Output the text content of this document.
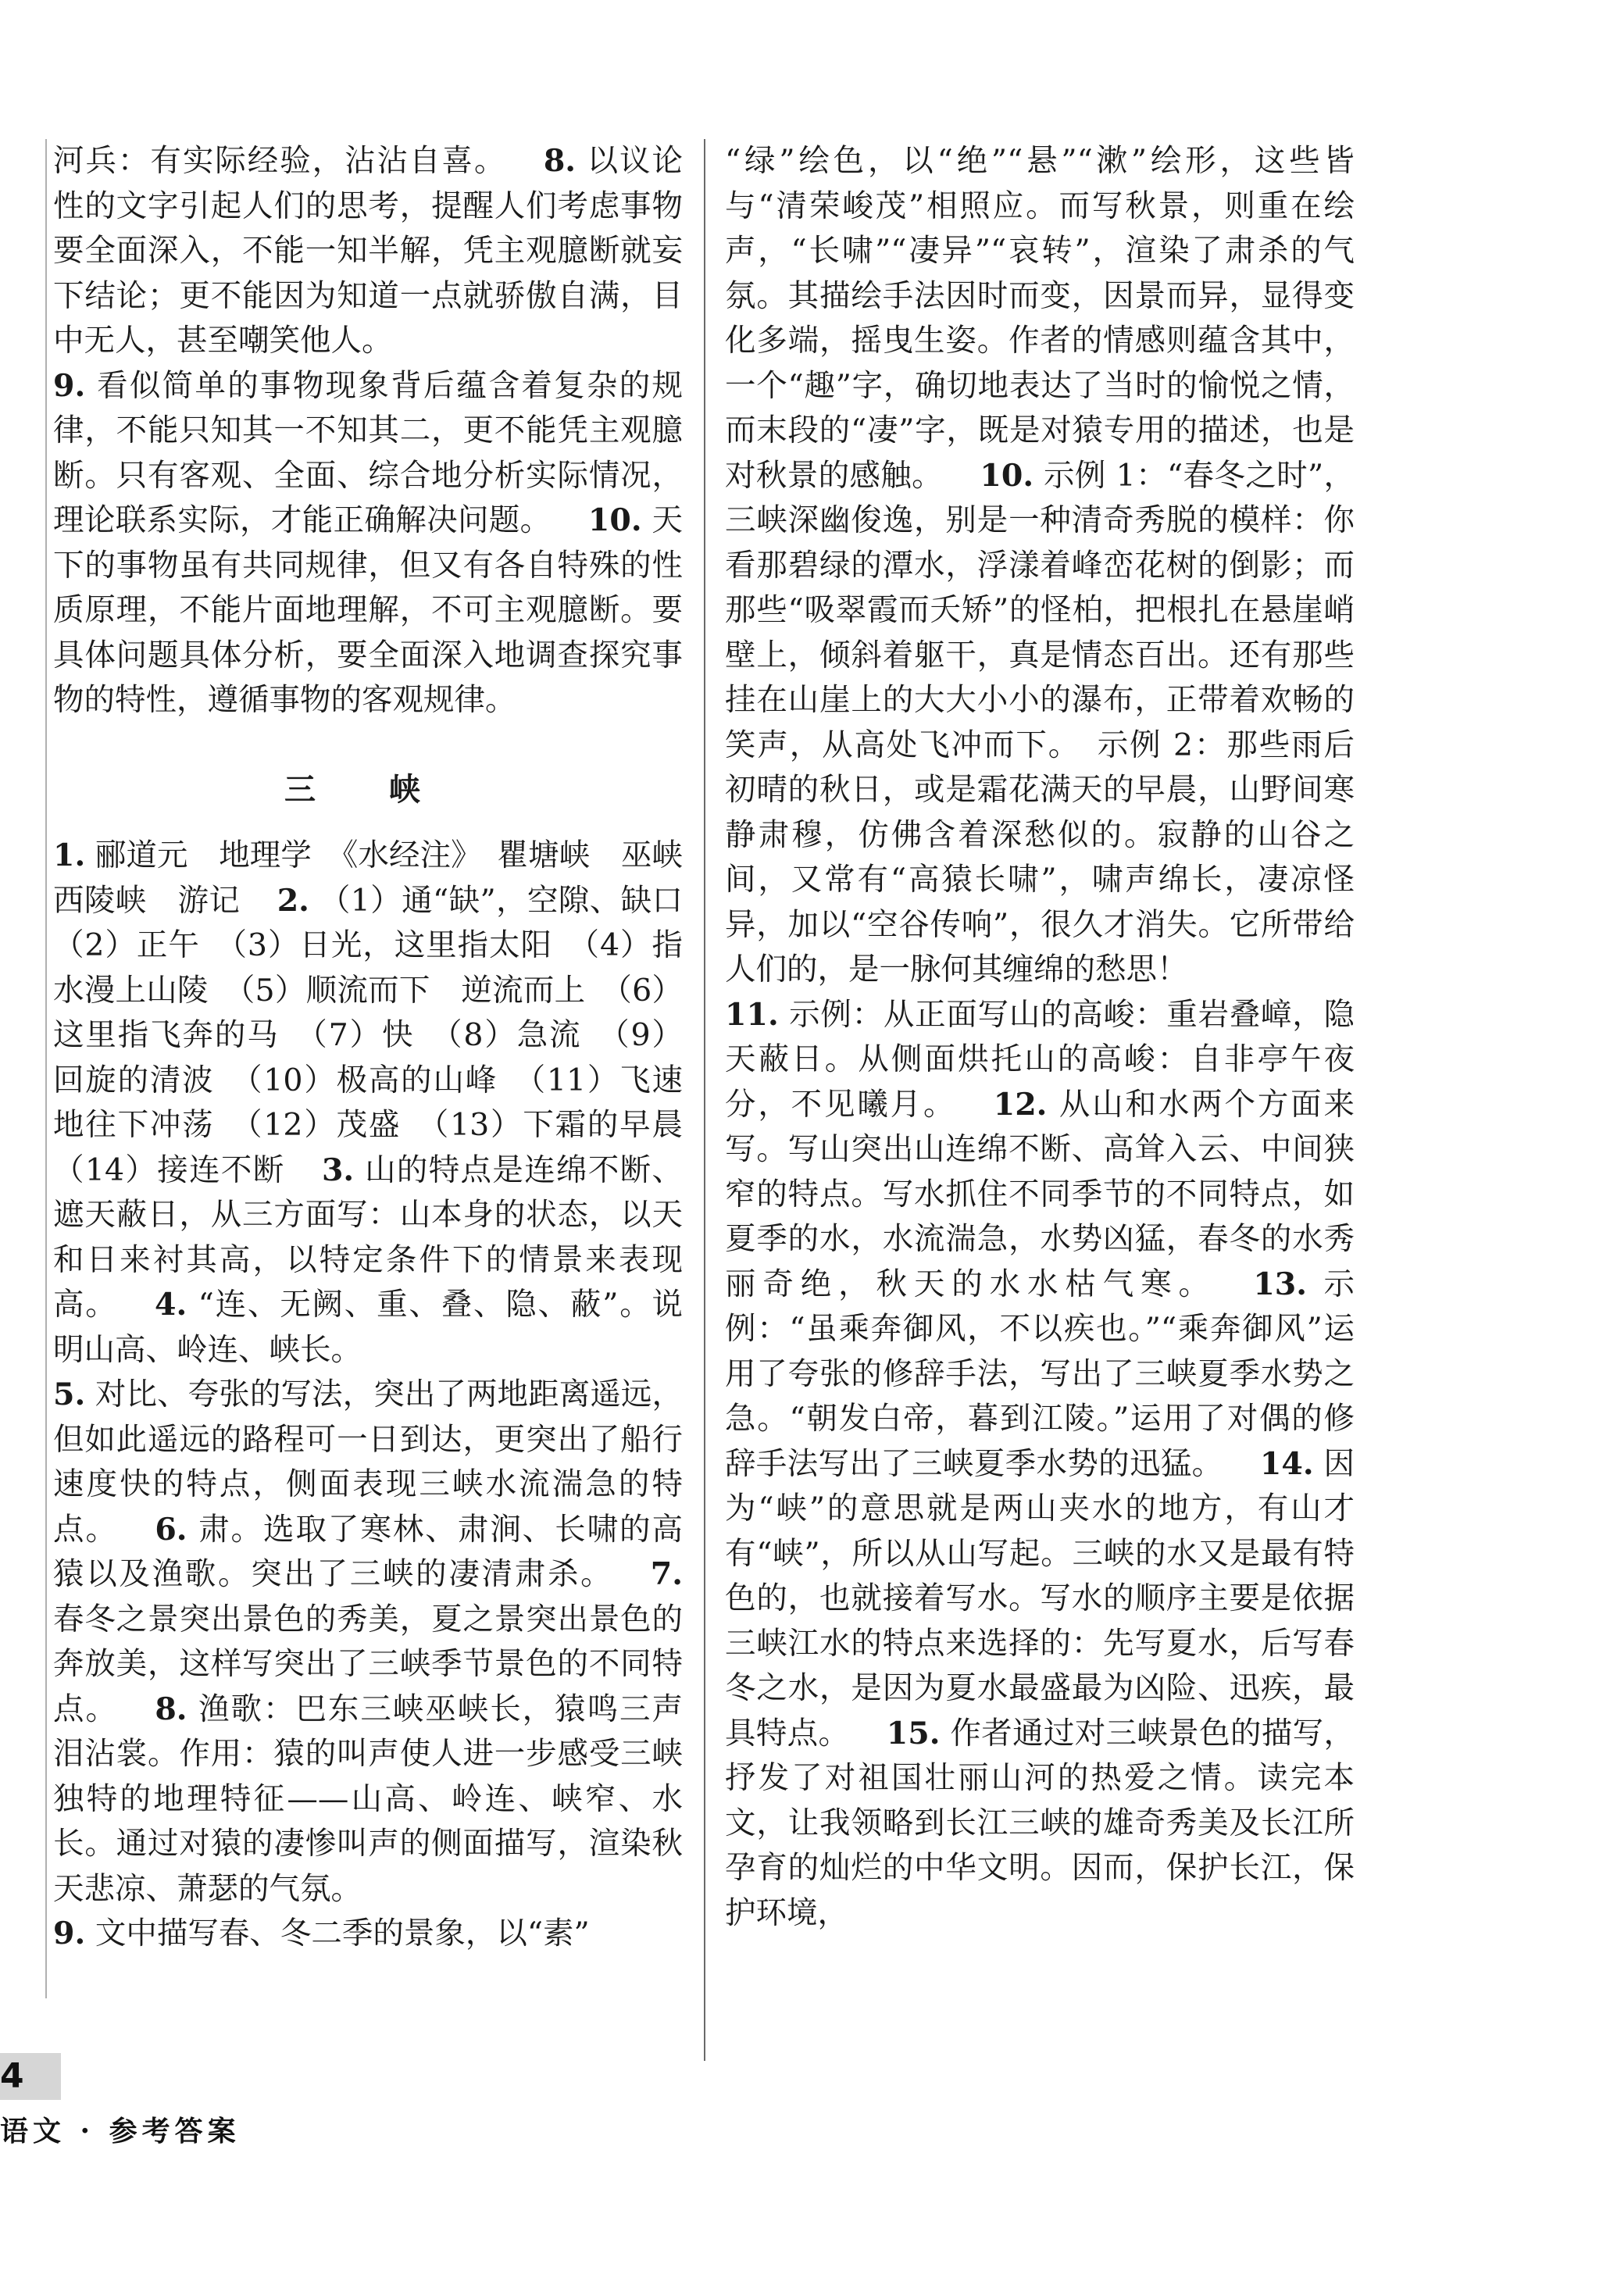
河兵：有实际经验，沾沾自喜。 8. 以议论性的文字引起人们的思考，提醒人们考虑事物要全面深入，不能一知半解，凭主观臆断就妄下结论；更不能因为知道一点就骄傲自满，目中无人，甚至嘲笑他人。

9. 看似简单的事物现象背后蕴含着复杂的规律，不能只知其一不知其二，更不能凭主观臆断。只有客观、全面、综合地分析实际情况，理论联系实际，才能正确解决问题。 10. 天下的事物虽有共同规律，但又有各自特殊的性质原理，不能片面地理解，不可主观臆断。要具体问题具体分析，要全面深入地调查探究事物的特性，遵循事物的客观规律。

三 峡

1. 郦道元　地理学　《水经注》　瞿塘峡　巫峡　西陵峡　游记 2. （1）通“缺”，空隙、缺口　（2）正午　（3）日光，这里指太阳　（4）指水漫上山陵　（5）顺流而下　逆流而上　（6）这里指飞奔的马　（7）快　（8）急流　（9）回旋的清波　（10）极高的山峰　（11）飞速地往下冲荡　（12）茂盛　（13）下霜的早晨　（14）接连不断 3. 山的特点是连绵不断、遮天蔽日，从三方面写：山本身的状态，以天和日来衬其高，以特定条件下的情景来表现高。 4. “连、无阙、重、叠、隐、蔽”。说明山高、岭连、峡长。

5. 对比、夸张的写法，突出了两地距离遥远，但如此遥远的路程可一日到达，更突出了船行速度快的特点，侧面表现三峡水流湍急的特点。 6. 肃。选取了寒林、肃涧、长啸的高猿以及渔歌。突出了三峡的凄清肃杀。 7. 春冬之景突出景色的秀美，夏之景突出景色的奔放美，这样写突出了三峡季节景色的不同特点。 8. 渔歌：巴东三峡巫峡长，猿鸣三声泪沾裳。作用：猿的叫声使人进一步感受三峡独特的地理特征——山高、岭连、峡窄、水长。通过对猿的凄惨叫声的侧面描写，渲染秋天悲凉、萧瑟的气氛。

9. 文中描写春、冬二季的景象，以“素”

“绿”绘色，以“绝”“悬”“漱”绘形，这些皆与“清荣峻茂”相照应。而写秋景，则重在绘声，“长啸”“凄异”“哀转”，渲染了肃杀的气氛。其描绘手法因时而变，因景而异，显得变化多端，摇曳生姿。作者的情感则蕴含其中，一个“趣”字，确切地表达了当时的愉悦之情，而末段的“凄”字，既是对猿专用的描述，也是对秋景的感触。 10. 示例 1：“春冬之时”，三峡深幽俊逸，别是一种清奇秀脱的模样：你看那碧绿的潭水，浮漾着峰峦花树的倒影；而那些“吸翠霞而夭矫”的怪柏，把根扎在悬崖峭壁上，倾斜着躯干，真是情态百出。还有那些挂在山崖上的大大小小的瀑布，正带着欢畅的笑声，从高处飞冲而下。　示例 2：那些雨后初晴的秋日，或是霜花满天的早晨，山野间寒静肃穆，仿佛含着深愁似的。寂静的山谷之间，又常有“高猿长啸”，啸声绵长，凄凉怪异，加以“空谷传响”，很久才消失。它所带给人们的，是一脉何其缠绵的愁思！

11. 示例：从正面写山的高峻：重岩叠嶂，隐天蔽日。从侧面烘托山的高峻：自非亭午夜分，不见曦月。 12. 从山和水两个方面来写。写山突出山连绵不断、高耸入云、中间狭窄的特点。写水抓住不同季节的不同特点，如夏季的水，水流湍急，水势凶猛，春冬的水秀丽奇绝，秋天的水水枯气寒。 13. 示例：“虽乘奔御风，不以疾也。”“乘奔御风”运用了夸张的修辞手法，写出了三峡夏季水势之急。“朝发白帝，暮到江陵。”运用了对偶的修辞手法写出了三峡夏季水势的迅猛。 14. 因为“峡”的意思就是两山夹水的地方，有山才有“峡”，所以从山写起。三峡的水又是最有特色的，也就接着写水。写水的顺序主要是依据三峡江水的特点来选择的：先写夏水，后写春冬之水，是因为夏水最盛最为凶险、迅疾，最具特点。 15. 作者通过对三峡景色的描写，抒发了对祖国壮丽山河的热爱之情。读完本文，让我领略到长江三峡的雄奇秀美及长江所孕育的灿烂的中华文明。因而，保护长江，保护环境，

4
语文 · 参考答案
